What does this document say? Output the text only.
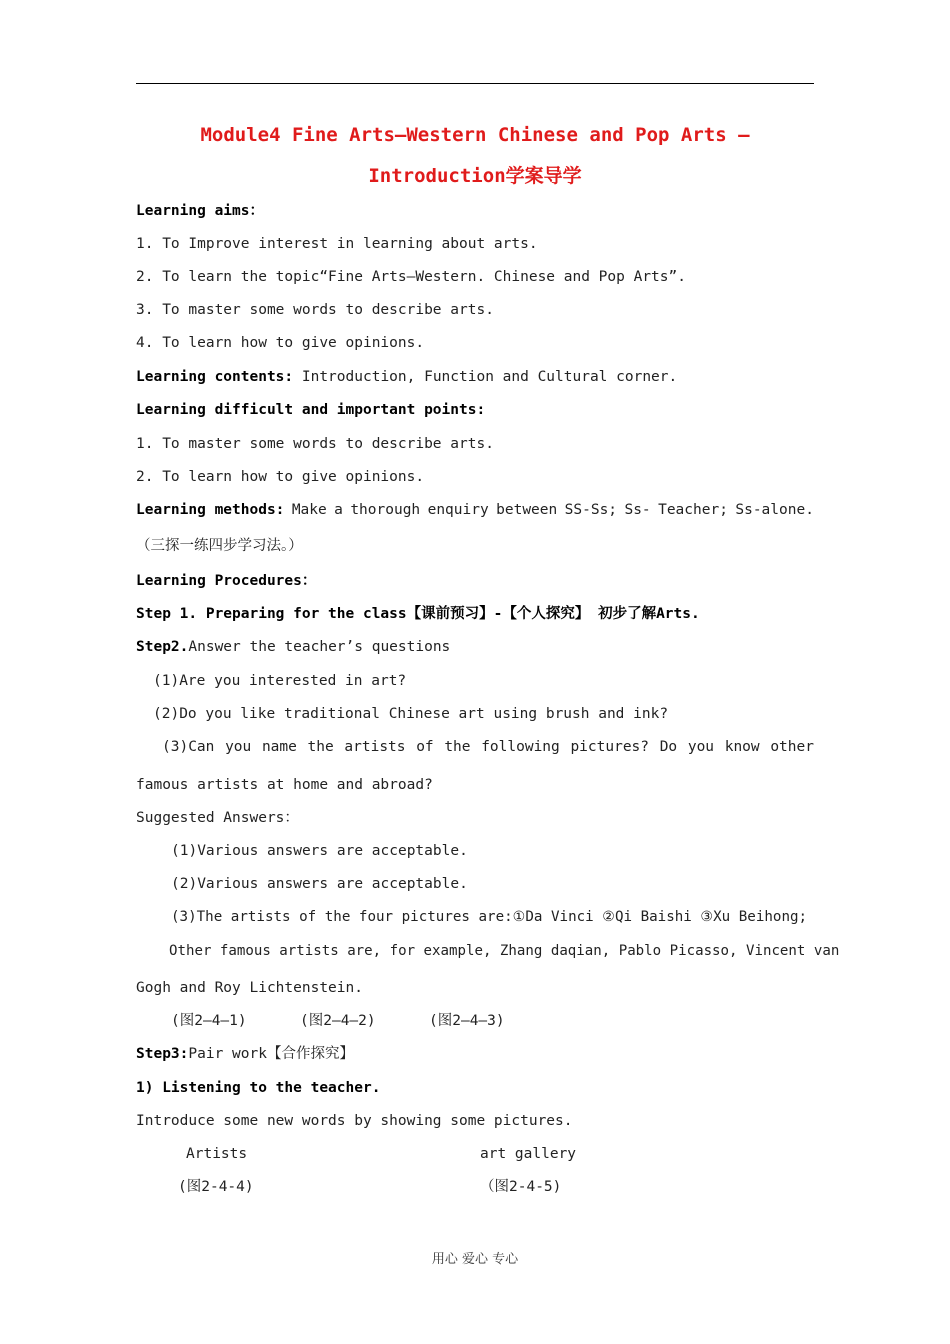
Module4 Fine Arts—Western Chinese and Pop Arts –
Introduction学案导学
Learning aims：
1. To Improve interest in learning about arts.
2. To learn the topic“Fine Arts—Western. Chinese and Pop Arts”.
3. To master some words to describe arts.
4. To learn how to give opinions.
Learning contents: Introduction, Function and Cultural corner.
Learning difficult and important points:
1. To master some words to describe arts.
2. To learn how to give opinions.
Learning methods: Make a thorough enquiry between SS-Ss; Ss- Teacher; Ss-alone.
（三探一练四步学习法。）
Learning Procedures：
Step 1. Preparing for the class【课前预习】-【个人探究】 初步了解Arts.
Step2.Answer the teacher’s questions
(1)Are you interested in art?
(2)Do you like traditional Chinese art using brush and ink?
(3)Can you name the artists of the following pictures? Do you know other
famous artists at home and abroad?
Suggested Answers：
(1)Various answers are acceptable.
(2)Various answers are acceptable.
(3)The artists of the four pictures are:①Da Vinci ②Qi Baishi ③Xu Beihong;
Other famous artists are, for example, Zhang daqian, Pablo Picasso, Vincent van
Gogh and Roy Lichtenstein.
(图2—4—1)	(图2—4—2)	(图2—4—3)
Step3:Pair work【合作探究】
1) Listening to the teacher.
Introduce some new words by showing some pictures.
Artists	art gallery
(图2-4-4)	（图2-4-5)
用心 爱心 专心
